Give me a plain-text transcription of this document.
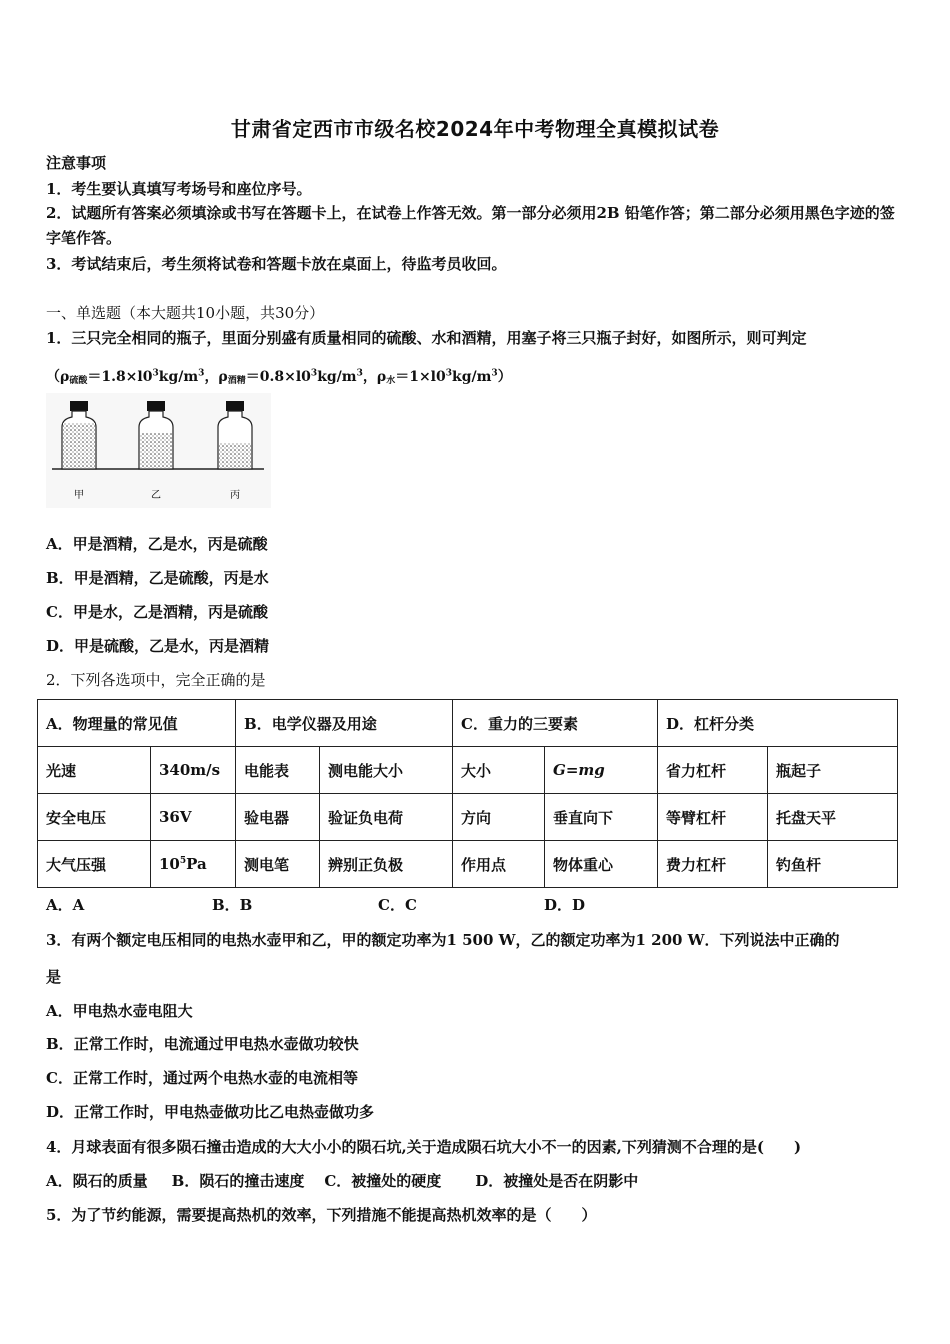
甘肃省定西市市级名校2024年中考物理全真模拟试卷
注意事项
1．考生要认真填写考场号和座位序号。
2．试题所有答案必须填涂或书写在答题卡上，在试卷上作答无效。第一部分必须用2B 铅笔作答；第二部分必须用黑色字迹的签字笔作答。
3．考试结束后，考生须将试卷和答题卡放在桌面上，待监考员收回。
一、单选题（本大题共10小题，共30分）
1．三只完全相同的瓶子，里面分别盛有质量相同的硫酸、水和酒精，用塞子将三只瓶子封好，如图所示，则可判定
（$\rho_{硫酸}=1.8\times l0^3kg/m^3$，$\rho_{酒精}=0.8\times l0^3kg/m^3$，$\rho_水=1\times l0^3kg/m^3$）
甲	乙	丙
A．甲是酒精，乙是水，丙是硫酸
B．甲是酒精，乙是硫酸，丙是水
C．甲是水，乙是酒精，丙是硫酸
D．甲是硫酸，乙是水，丙是酒精
2．下列各选项中，完全正确的是
A．物理量的常见值		B．电学仪器及用途		C．重力的三要素		D．杠杆分类	
光速	340m/s	电能表	测电能大小	大小	G=mg	省力杠杆	瓶起子
安全电压	36V	验电器	验证负电荷	方向	垂直向下	等臂杠杆	托盘天平
大气压强	$10^5Pa$	测电笔	辨别正负极	作用点	物体重心	费力杠杆	钓鱼杆
A．A	B．B	C．C	D．D
3．有两个额定电压相同的电热水壶甲和乙，甲的额定功率为1 500 W，乙的额定功率为1 200 W．下列说法中正确的
是
A．甲电热水壶电阻大
B．正常工作时，电流通过甲电热水壶做功较快
C．正常工作时，通过两个电热水壶的电流相等
D．正常工作时，甲电热壶做功比乙电热壶做功多
4．月球表面有很多陨石撞击造成的大大小小的陨石坑,关于造成陨石坑大小不一的因素,下列猜测不合理的是(　　)
A．陨石的质量 B．陨石的撞击速度 C．被撞处的硬度 D．被撞处是否在阴影中
5．为了节约能源，需要提高热机的效率，下列措施不能提高热机效率的是（　　）
